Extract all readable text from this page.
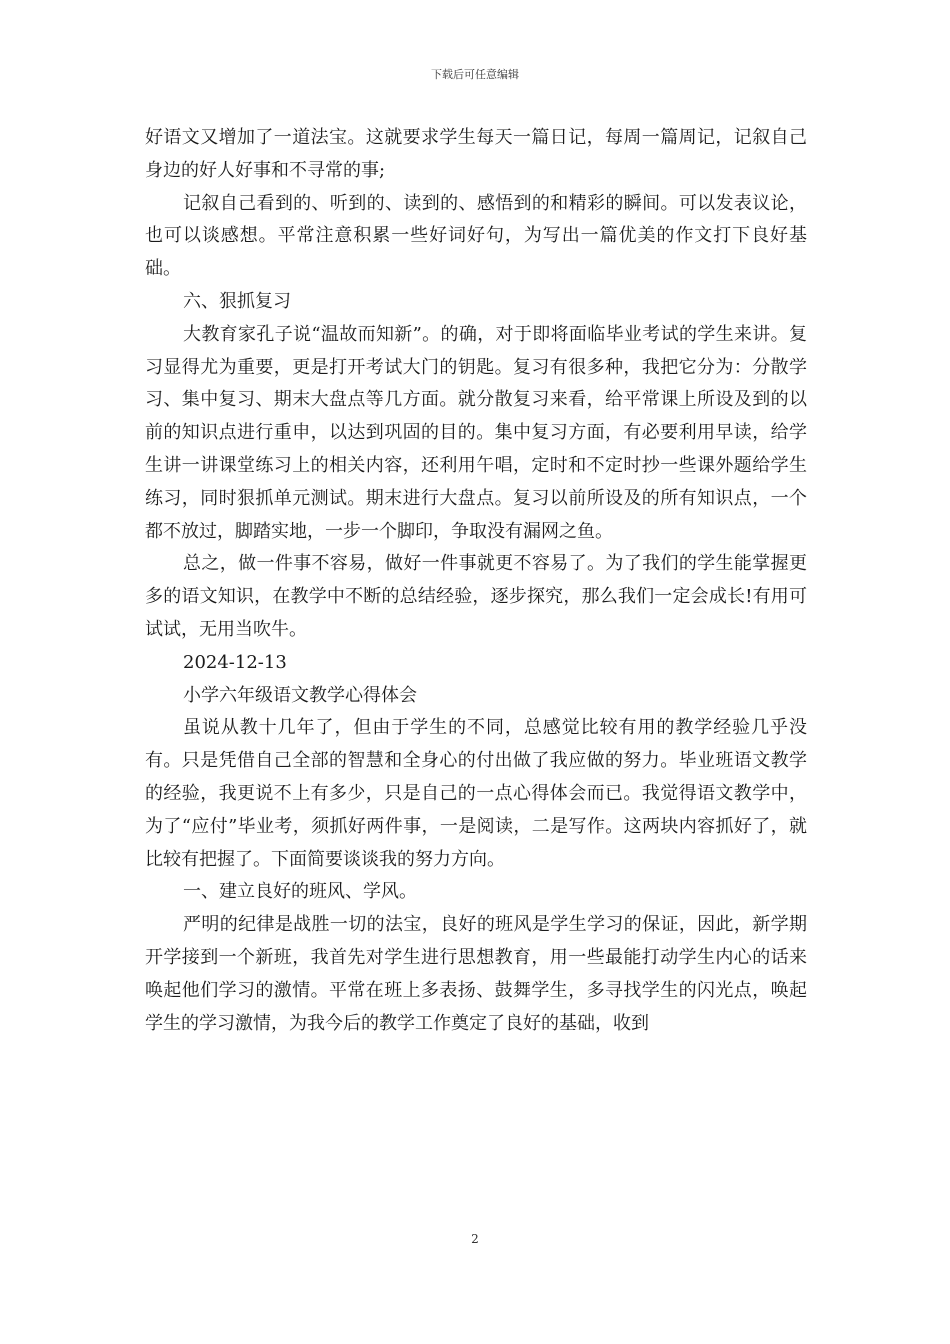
下载后可任意编辑

好语文又增加了一道法宝。这就要求学生每天一篇日记，每周一篇周记，记叙自己身边的好人好事和不寻常的事;

记叙自己看到的、听到的、读到的、感悟到的和精彩的瞬间。可以发表议论，也可以谈感想。平常注意积累一些好词好句，为写出一篇优美的作文打下良好基础。

六、狠抓复习

大教育家孔子说“温故而知新”。的确，对于即将面临毕业考试的学生来讲。复习显得尤为重要，更是打开考试大门的钥匙。复习有很多种，我把它分为：分散学习、集中复习、期末大盘点等几方面。就分散复习来看，给平常课上所设及到的以前的知识点进行重申，以达到巩固的目的。集中复习方面，有必要利用早读，给学生讲一讲课堂练习上的相关内容，还利用午唱，定时和不定时抄一些课外题给学生练习，同时狠抓单元测试。期末进行大盘点。复习以前所设及的所有知识点，一个都不放过，脚踏实地，一步一个脚印，争取没有漏网之鱼。

总之，做一件事不容易，做好一件事就更不容易了。为了我们的学生能掌握更多的语文知识，在教学中不断的总结经验，逐步探究，那么我们一定会成长!有用可试试，无用当吹牛。

2024-12-13

小学六年级语文教学心得体会

虽说从教十几年了，但由于学生的不同，总感觉比较有用的教学经验几乎没有。只是凭借自己全部的智慧和全身心的付出做了我应做的努力。毕业班语文教学的经验，我更说不上有多少，只是自己的一点心得体会而已。我觉得语文教学中，为了“应付”毕业考，须抓好两件事，一是阅读，二是写作。这两块内容抓好了，就比较有把握了。下面简要谈谈我的努力方向。

一、建立良好的班风、学风。

严明的纪律是战胜一切的法宝，良好的班风是学生学习的保证，因此，新学期开学接到一个新班，我首先对学生进行思想教育，用一些最能打动学生内心的话来唤起他们学习的激情。平常在班上多表扬、鼓舞学生，多寻找学生的闪光点，唤起学生的学习激情，为我今后的教学工作奠定了良好的基础，收到

2
